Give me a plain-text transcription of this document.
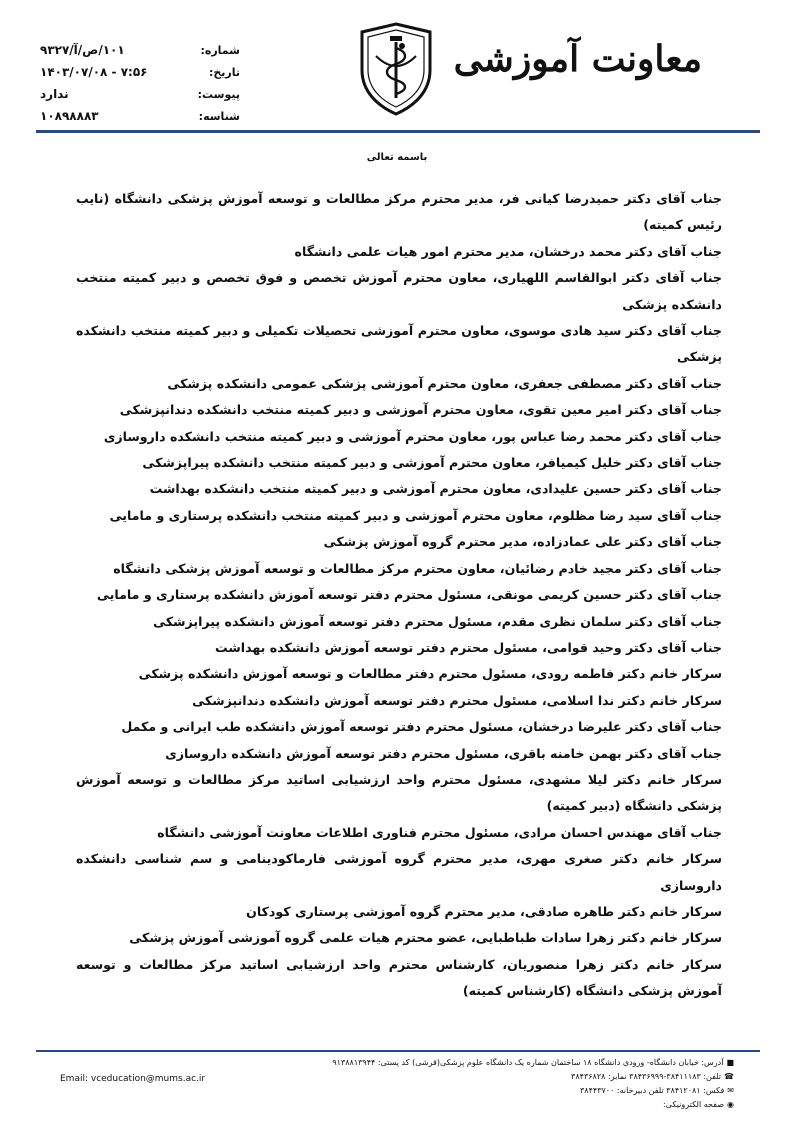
شماره:
۱۰۱/ص/آ/۹۳۲۷
تاریخ:
۱۴۰۳/۰۷/۰۸ - ۷:۵۶
پیوست:
ندارد
شناسه:
۱۰۸۹۸۸۸۳
معاونت آموزشی
باسمه تعالی

جناب آقای دکتر حمیدرضا کیانی فر، مدیر محترم مرکز مطالعات و توسعه آموزش پزشکی دانشگاه (نایب رئیس کمیته)

جناب آقای دکتر محمد درخشان، مدیر محترم امور هیات علمی دانشگاه

جناب آقای دکتر ابوالقاسم اللهیاری، معاون محترم آموزش تخصص و فوق تخصص و دبیر کمیته منتخب دانشکده پزشکی

جناب آقای دکتر سید هادی موسوی، معاون محترم آموزشی تحصیلات تکمیلی و دبیر کمیته منتخب دانشکده پزشکی

جناب آقای دکتر مصطفی جعفری، معاون محترم آموزشی پزشکی عمومی دانشکده پزشکی

جناب آقای دکتر امیر معین تقوی، معاون محترم آموزشی و دبیر کمیته منتخب دانشکده دندانپزشکی

جناب آقای دکتر محمد رضا عباس پور، معاون محترم آموزشی و دبیر کمیته منتخب دانشکده داروسازی

جناب آقای دکتر خلیل کیمیافر، معاون محترم آموزشی و دبیر کمیته منتخب دانشکده پیراپزشکی

جناب آقای دکتر حسین علیدادی، معاون محترم آموزشی و دبیر کمیته منتخب دانشکده بهداشت

جناب آقای سید رضا مظلوم، معاون محترم آموزشی و دبیر کمیته منتخب دانشکده پرستاری و مامایی

جناب آقای دکتر علی عمادزاده، مدیر محترم گروه آموزش پزشکی

جناب آقای دکتر مجید خادم رضائیان، معاون محترم مرکز مطالعات و توسعه آموزش پزشکی دانشگاه

جناب آقای دکتر حسین کریمی مونقی، مسئول محترم دفتر توسعه آموزش دانشکده پرستاری و مامایی

جناب آقای دکتر سلمان نظری مقدم، مسئول محترم دفتر توسعه آموزش دانشکده پیراپزشکی

جناب آقای دکتر وحید قوامی، مسئول محترم دفتر توسعه آموزش دانشکده بهداشت

سرکار خانم دکتر فاطمه رودی، مسئول محترم دفتر مطالعات و توسعه آموزش دانشکده پزشکی

سرکار خانم دکتر ندا اسلامی، مسئول محترم دفتر توسعه آموزش دانشکده دندانپزشکی

جناب آقای دکتر علیرضا درخشان، مسئول محترم دفتر توسعه آموزش دانشکده طب ایرانی و مکمل

جناب آقای دکتر بهمن خامنه باقری، مسئول محترم دفتر توسعه آموزش دانشکده داروسازی

سرکار خانم دکتر لیلا مشهدی، مسئول محترم واحد ارزشیابی اساتید مرکز مطالعات و توسعه آموزش پزشکی دانشگاه (دبیر کمیته)

جناب آقای مهندس احسان مرادی، مسئول محترم فناوری اطلاعات معاونت آموزشی دانشگاه

سرکار خانم دکتر صغری مهری، مدیر محترم گروه آموزشی فارماکودینامی و سم شناسی دانشکده داروسازی

سرکار خانم دکتر طاهره صادقی، مدیر محترم گروه آموزشی پرستاری کودکان

سرکار خانم دکتر زهرا سادات طباطبایی، عضو محترم هیات علمی گروه آموزشی آموزش پزشکی

سرکار خانم دکتر زهرا منصوریان، کارشناس محترم واحد ارزشیابی اساتید مرکز مطالعات و توسعه آموزش پزشکی دانشگاه (کارشناس کمیته)

■آدرس: خیابان دانشگاه- ورودی دانشگاه ۱۸ ساختمان شماره یک دانشگاه علوم پزشکی(قرشی) کد پستی: ۹۱۳۸۸۱۳۹۴۴
☎تلفن: ۳۸۴۱۱۱۸۳-۳۸۴۳۶۹۹۹ نمابر: ۳۸۴۳۶۸۲۸
✉فکس: ۳۸۴۱۲۰۸۱ تلفن دبیرخانه: ۳۸۴۴۳۷۰۰
◉صفحه الکترونیکی:
Email: vceducation@mums.ac.ir
